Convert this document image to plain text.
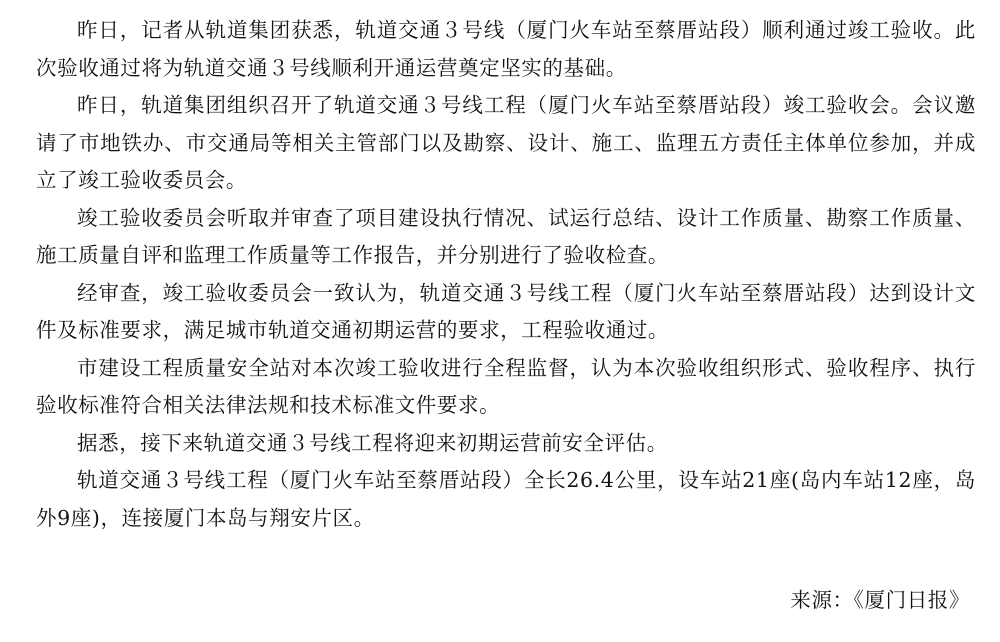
昨日，记者从轨道集团获悉，轨道交通３号线（厦门火车站至蔡厝站段）顺利通过竣工验收。此次验收通过将为轨道交通３号线顺利开通运营奠定坚实的基础。

昨日，轨道集团组织召开了轨道交通３号线工程（厦门火车站至蔡厝站段）竣工验收会。会议邀请了市地铁办、市交通局等相关主管部门以及勘察、设计、施工、监理五方责任主体单位参加，并成立了竣工验收委员会。

竣工验收委员会听取并审查了项目建设执行情况、试运行总结、设计工作质量、勘察工作质量、施工质量自评和监理工作质量等工作报告，并分别进行了验收检查。

经审查，竣工验收委员会一致认为，轨道交通３号线工程（厦门火车站至蔡厝站段）达到设计文件及标准要求，满足城市轨道交通初期运营的要求，工程验收通过。

市建设工程质量安全站对本次竣工验收进行全程监督，认为本次验收组织形式、验收程序、执行验收标准符合相关法律法规和技术标准文件要求。

据悉，接下来轨道交通３号线工程将迎来初期运营前安全评估。

轨道交通３号线工程（厦门火车站至蔡厝站段）全长26.4公里，设车站21座(岛内车站12座，岛外9座)，连接厦门本岛与翔安片区。

来源：《厦门日报》
